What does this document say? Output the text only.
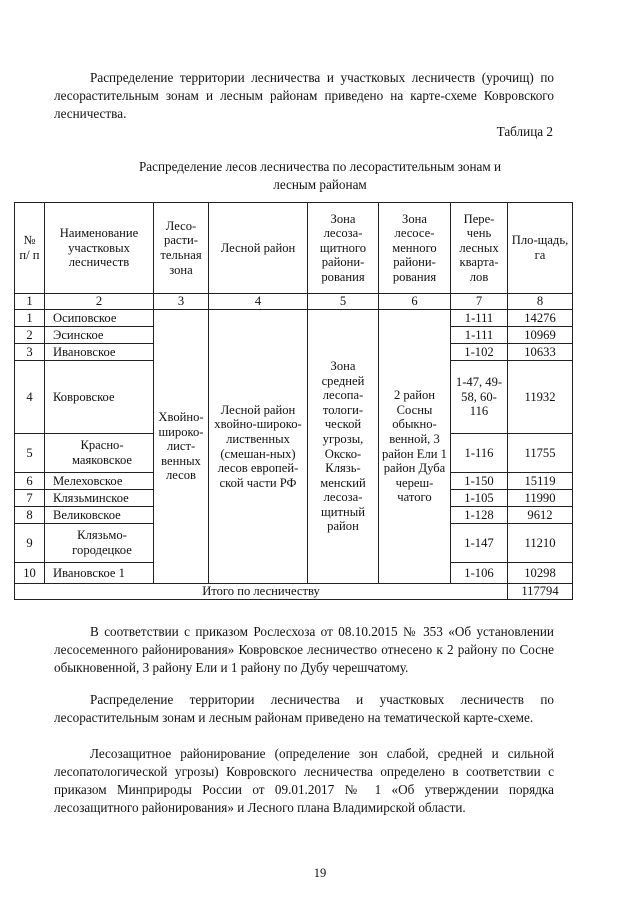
Распределение территории лесничества и участковых лесничеств (урочищ) по лесорастительным зонам и лесным районам приведено на карте-схеме Ковровского лесничества.

Таблица 2
Распределение лесов лесничества по лесорастительным зонам и
лесным районам
№ п/ п	Наименование участковых лесничеств	Лесо-расти-тельная зона	Лесной район	Зона лесоза-щитного райони-рования	Зона лесосе-менного райони-рования	Пере-чень лесных кварта-лов	Пло-щадь, га
1	2	3	4	5	6	7	8
1	Осиповское	Хвойно-широко-лист-венных лесов	Лесной район хвойно-широко-лиственных (смешан-ных) лесов европей-ской части РФ	Зона средней лесопа-тологи-ческой угрозы, Окско-Клязь-менский лесоза-щитный район	2 район Сосны обыкно-венной, 3 район Ели 1 район Дуба череш-чатого	1-111	14276
2	Эсинское					1-111	10969
3	Ивановское					1-102	10633
4	Ковровское					1-47, 49-58, 60-116	11932
5	Красно-маяковское					1-116	11755
6	Мелеховское					1-150	15119
7	Клязьминское					1-105	11990
8	Великовское					1-128	9612
9	Клязьмо-городецкое					1-147	11210
10	Ивановское 1					1-106	10298
Итого по лесничеству							117794

В соответствии с приказом Рослесхоза от 08.10.2015 № 353 «Об установлении лесосеменного районирования» Ковровское лесничество отнесено к 2 району по Сосне обыкновенной, 3 району Ели и 1 району по Дубу черешчатому.

Распределение территории лесничества и участковых лесничеств по лесорастительным зонам и лесным районам приведено на тематической карте-схеме.

Лесозащитное районирование (определение зон слабой, средней и сильной лесопатологической угрозы) Ковровского лесничества определено в соответствии с приказом Минприроды России от 09.01.2017 № 1 «Об утверждении порядка лесозащитного районирования» и Лесного плана Владимирской области.

19
